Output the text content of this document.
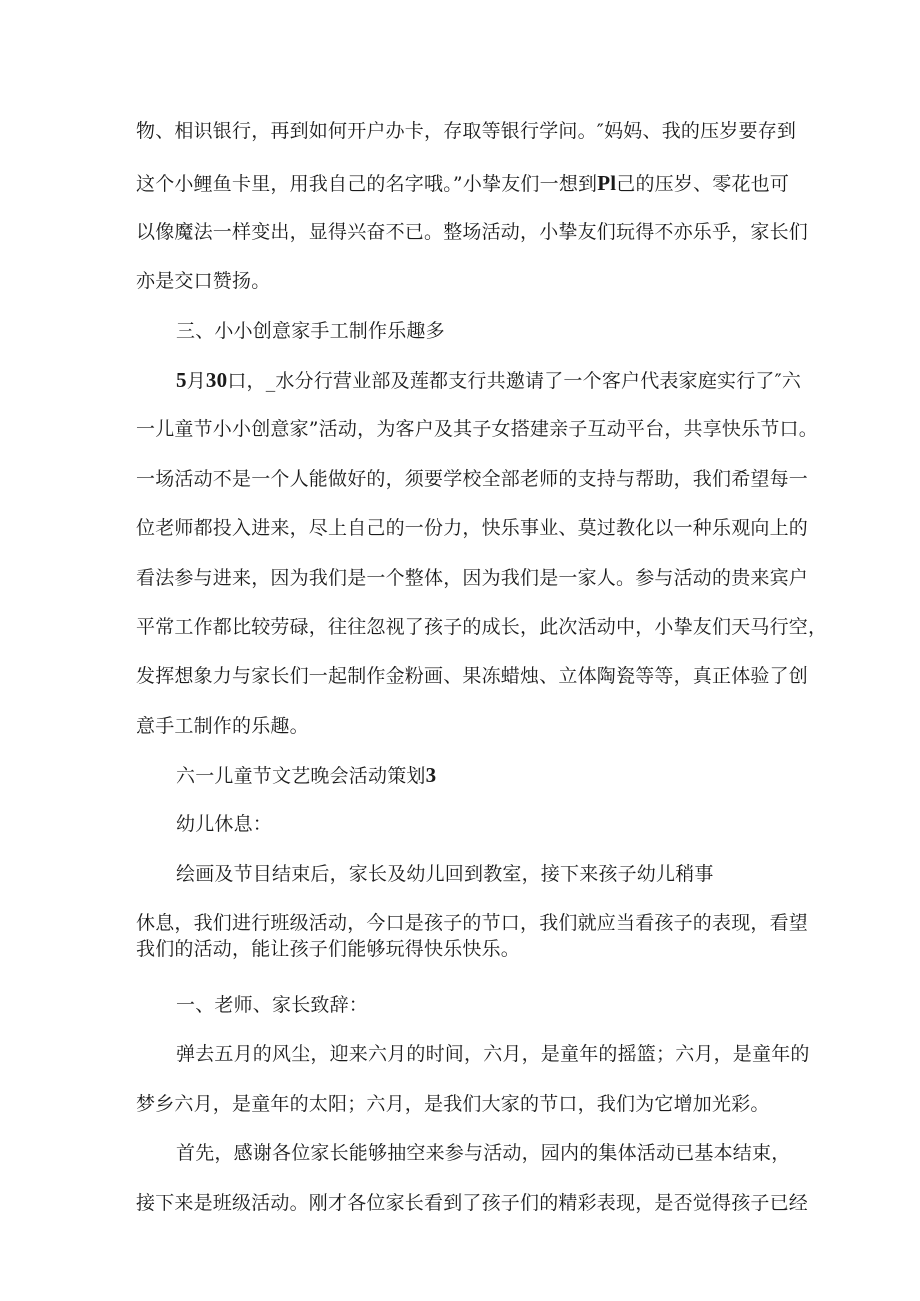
物、相识银行，再到如何开户办卡，存取等银行学问。″妈妈、我的压岁要存到
这个小鲤鱼卡里，用我自己的名字哦。”小挚友们一想到Pl己的压岁、零花也可
以像魔法一样变出，显得兴奋不已。整场活动，小挚友们玩得不亦乐乎，家长们
亦是交口赞扬。
三、小小创意家手工制作乐趣多
5月30口，_水分行营业部及莲都支行共邀请了一个客户代表家庭实行了″六
一儿童节小小创意家”活动，为客户及其子女搭建亲子互动平台，共享快乐节口。
一场活动不是一个人能做好的，须要学校全部老师的支持与帮助，我们希望每一
位老师都投入进来，尽上自己的一份力，快乐事业、莫过教化以一种乐观向上的
看法参与进来，因为我们是一个整体，因为我们是一家人。参与活动的贵来宾户
平常工作都比较劳碌，往往忽视了孩子的成长，此次活动中，小挚友们天马行空，
发挥想象力与家长们一起制作金粉画、果冻蜡烛、立体陶瓷等等，真正体验了创
意手工制作的乐趣。
六一儿童节文艺晚会活动策划3
幼儿休息：
绘画及节目结束后，家长及幼儿回到教室，接下来孩子幼儿稍事
休息，我们进行班级活动，今口是孩子的节口，我们就应当看孩子的表现，看望
我们的活动，能让孩子们能够玩得快乐快乐。
一、老师、家长致辞：
弹去五月的风尘，迎来六月的时间，六月，是童年的摇篮；六月，是童年的
梦乡六月，是童年的太阳；六月，是我们大家的节口，我们为它增加光彩。
首先，感谢各位家长能够抽空来参与活动，园内的集体活动已基本结束，
接下来是班级活动。刚才各位家长看到了孩子们的精彩表现，是否觉得孩子已经
